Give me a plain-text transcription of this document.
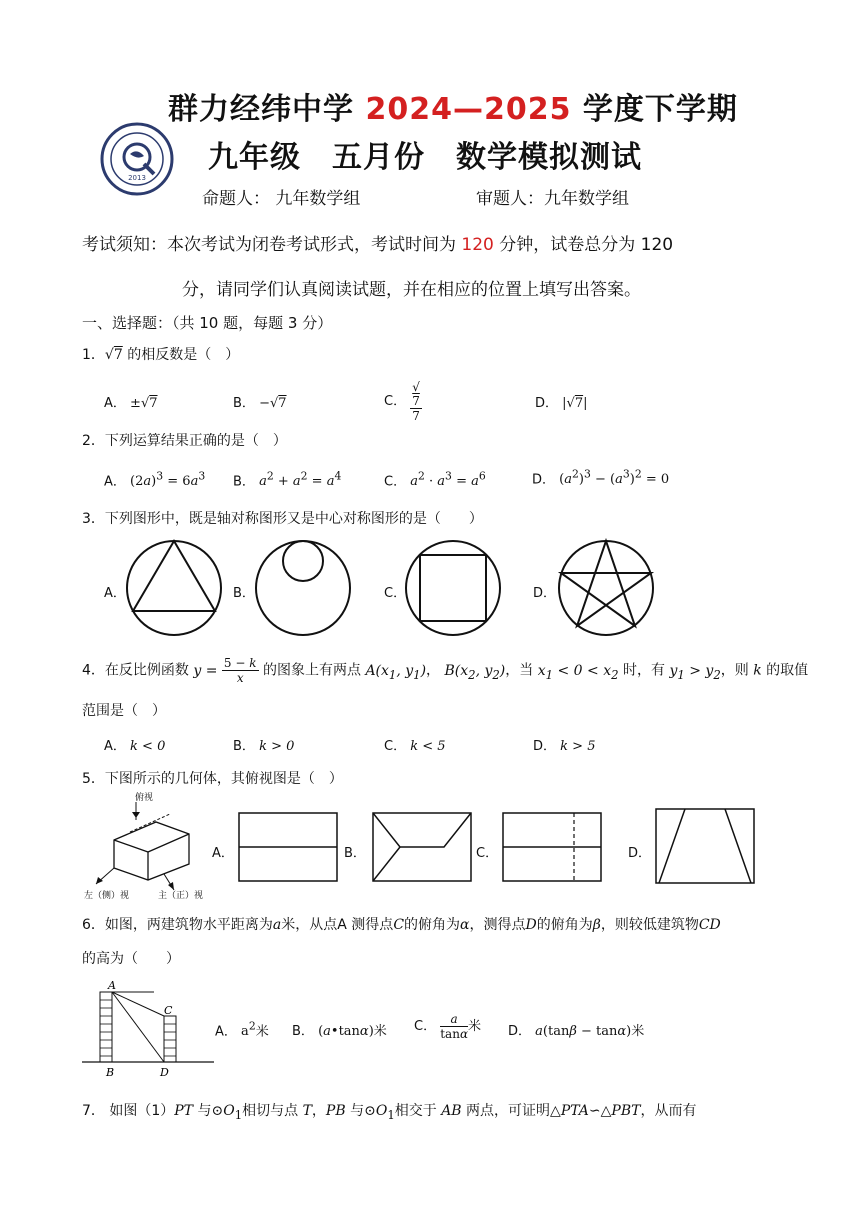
2013
群力经纬中学 2024—2025 学度下学期
九年级　五月份　数学模拟测试
命题人： 九年数学组	审题人：九年数学组
考试须知：本次考试为闭卷考试形式，考试时间为 120 分钟，试卷总分为 120
分，请同学们认真阅读试题，并在相应的位置上填写出答案。
一、选择题：（共 10 题，每题 3 分）
1．√7 的相反数是（　）
A． ±√7	B． −√7	C． √
7
7	D． |√7|
2．下列运算结果正确的是（　）
A． $(2a)^3 = 6a^3$ B． $a^2 + a^2 = a^4$	C． $a^2 \cdot a^3 = a^6$	D． $(a^2)^3 - (a^3)^2 = 0$
3．下列图形中，既是轴对称图形又是中心对称图形的是（　　）
A．	B．	C．	D．
4．在反比例函数 $y = \frac{5 - k}{x}$ 的图象上有两点 $A(x_1$, $y_1$)， $B(x_2$, $y_2$)，当 $x_1 < 0 < x_2$ 时，有 $y_1 > y_2$，则 k 的取值
范围是（　）
A． k < 0	B． k > 0	C． k < 5	D． k > 5
5．下图所示的几何体，其俯视图是（　）
俯视
左（侧）视	主（正）视
A．	B．	C．	D．
6．如图，两建筑物水平距离为a米，从点A 测得点C的俯角为α，测得点D的俯角为β，则较低建筑物CD
的高为（　　）
A
B
C
D
A． $a^2$米 B． (a•tanα)米 C． $\frac{a}{\tan\alpha}$ 米 D． a(tanβ − tanα)米
7． 如图（1）PT 与$⊙O_1$相切与点 T，PB 与$⊙O_1$相交于 AB 两点，可证明△PTA∽△PBT，从而有
